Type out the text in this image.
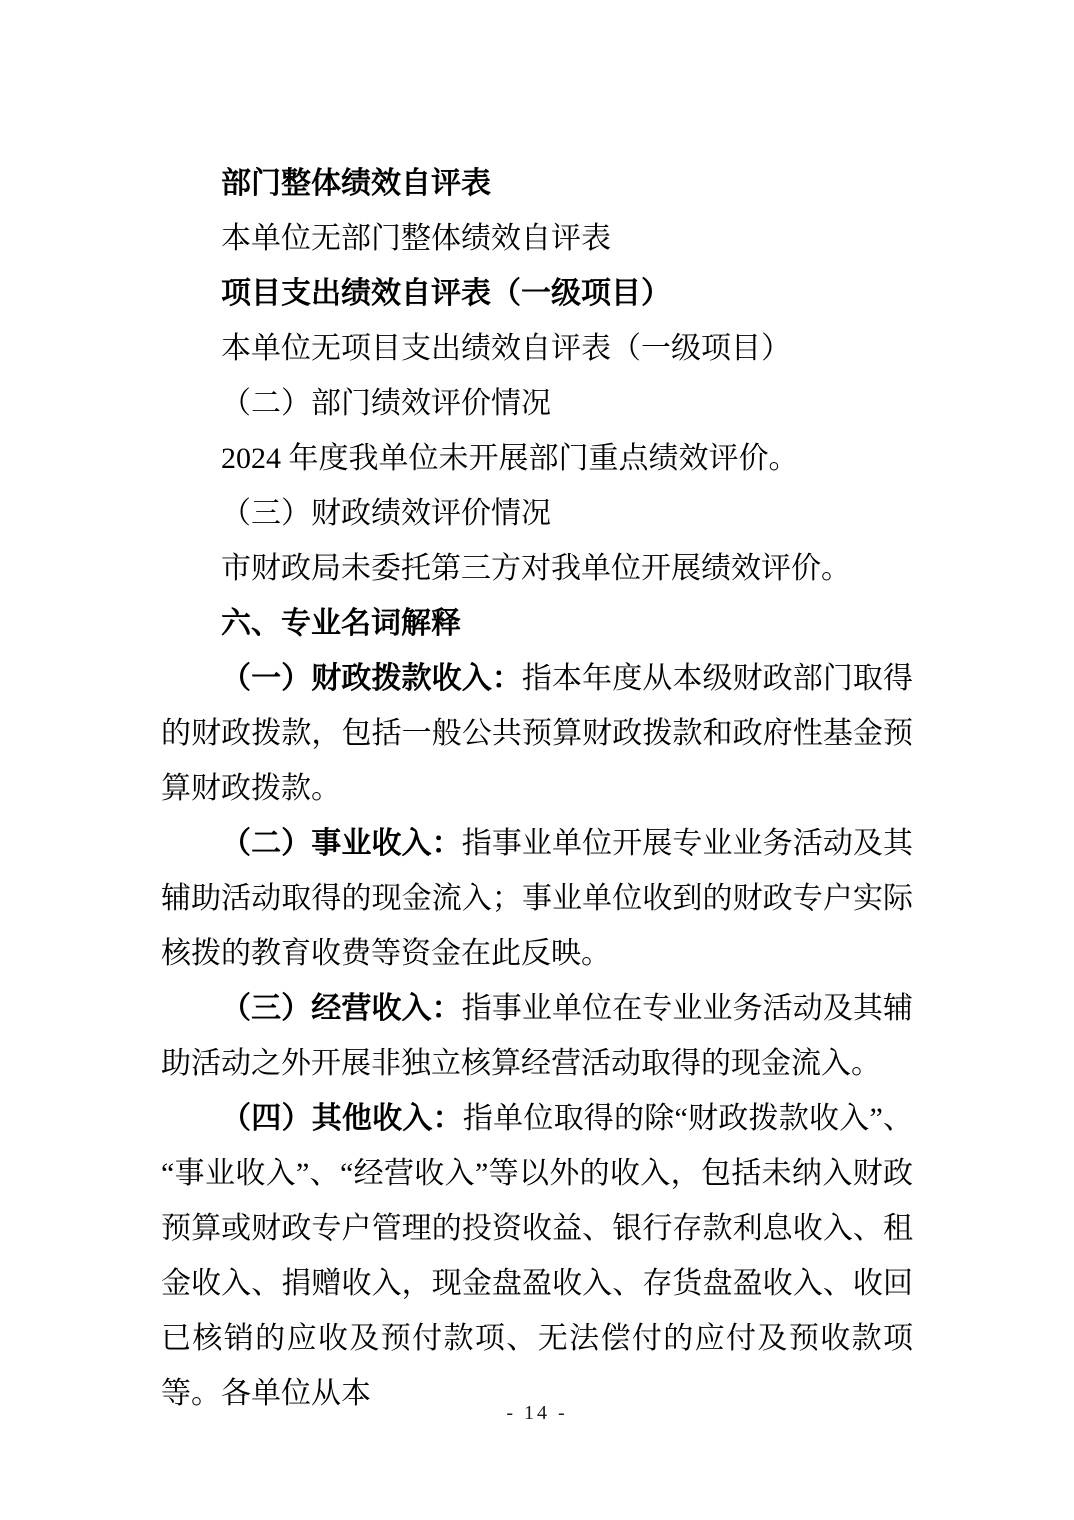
部门整体绩效自评表
本单位无部门整体绩效自评表
项目支出绩效自评表（一级项目）
本单位无项目支出绩效自评表（一级项目）
（二）部门绩效评价情况
2024 年度我单位未开展部门重点绩效评价。
（三）财政绩效评价情况
市财政局未委托第三方对我单位开展绩效评价。
六、专业名词解释
（一）财政拨款收入：指本年度从本级财政部门取得的财政拨款，包括一般公共预算财政拨款和政府性基金预算财政拨款。
（二）事业收入：指事业单位开展专业业务活动及其辅助活动取得的现金流入；事业单位收到的财政专户实际核拨的教育收费等资金在此反映。
（三）经营收入：指事业单位在专业业务活动及其辅助活动之外开展非独立核算经营活动取得的现金流入。
（四）其他收入：指单位取得的除“财政拨款收入”、“事业收入”、“经营收入”等以外的收入，包括未纳入财政预算或财政专户管理的投资收益、银行存款利息收入、租金收入、捐赠收入，现金盘盈收入、存货盘盈收入、收回已核销的应收及预付款项、无法偿付的应付及预收款项等。各单位从本
- 14 -
